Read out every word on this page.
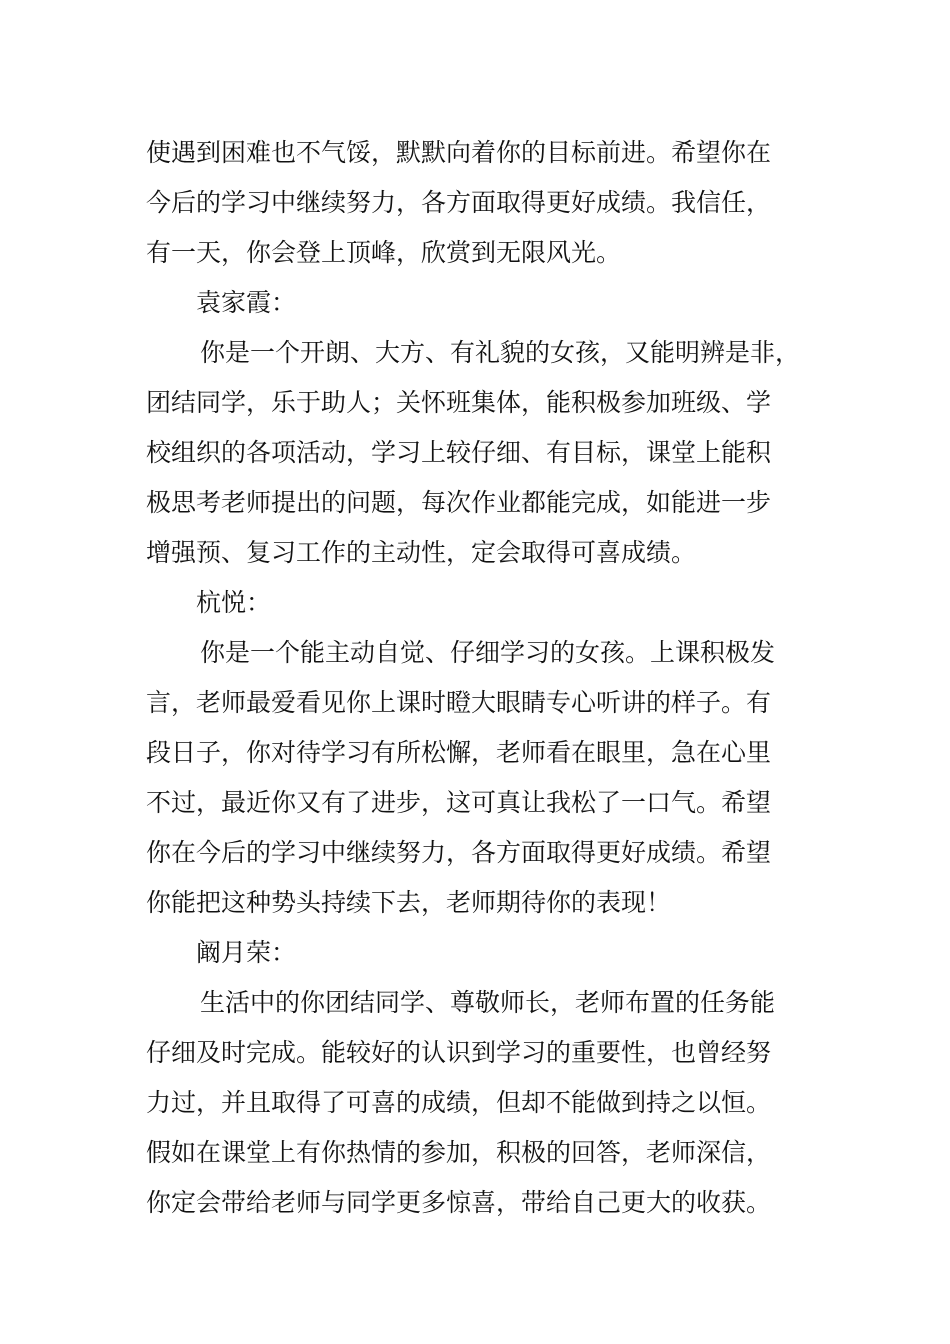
使遇到困难也不气馁，默默向着你的目标前进。希望你在
今后的学习中继续努力，各方面取得更好成绩。我信任，
有一天，你会登上顶峰，欣赏到无限风光。
袁家霞：
你是一个开朗、大方、有礼貌的女孩，又能明辨是非，
团结同学，乐于助人；关怀班集体，能积极参加班级、学
校组织的各项活动，学习上较仔细、有目标，课堂上能积
极思考老师提出的问题，每次作业都能完成，如能进一步
增强预、复习工作的主动性，定会取得可喜成绩。
杭悦：
你是一个能主动自觉、仔细学习的女孩。上课积极发
言，老师最爱看见你上课时瞪大眼睛专心听讲的样子。有
段日子，你对待学习有所松懈，老师看在眼里，急在心里
不过，最近你又有了进步，这可真让我松了一口气。希望
你在今后的学习中继续努力，各方面取得更好成绩。希望
你能把这种势头持续下去，老师期待你的表现！
阚月荣：
生活中的你团结同学、尊敬师长，老师布置的任务能
仔细及时完成。能较好的认识到学习的重要性，也曾经努
力过，并且取得了可喜的成绩，但却不能做到持之以恒。
假如在课堂上有你热情的参加，积极的回答，老师深信，
你定会带给老师与同学更多惊喜，带给自己更大的收获。
